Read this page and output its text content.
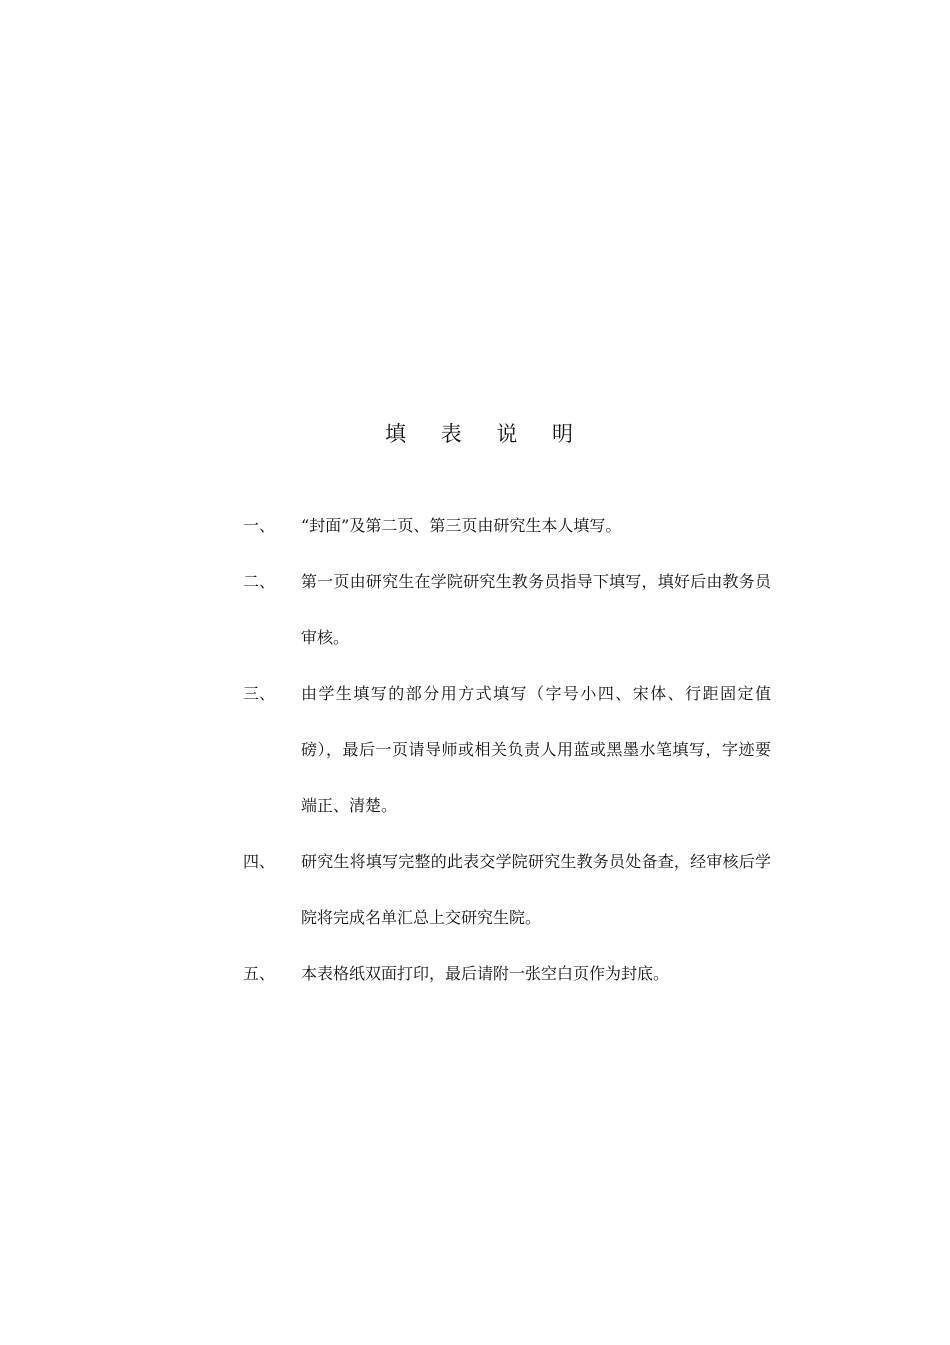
填 表 说 明
一、	“封面”及第二页、第三页由研究生本人填写。
二、	第一页由研究生在学院研究生教务员指导下填写，填好后由教务员审核。
三、	由学生填写的部分用方式填写（字号小四、宋体、行距固定值磅），最后一页请导师或相关负责人用蓝或黑墨水笔填写，字迹要端正、清楚。
四、	研究生将填写完整的此表交学院研究生教务员处备查，经审核后学院将完成名单汇总上交研究生院。
五、	本表格纸双面打印，最后请附一张空白页作为封底。
